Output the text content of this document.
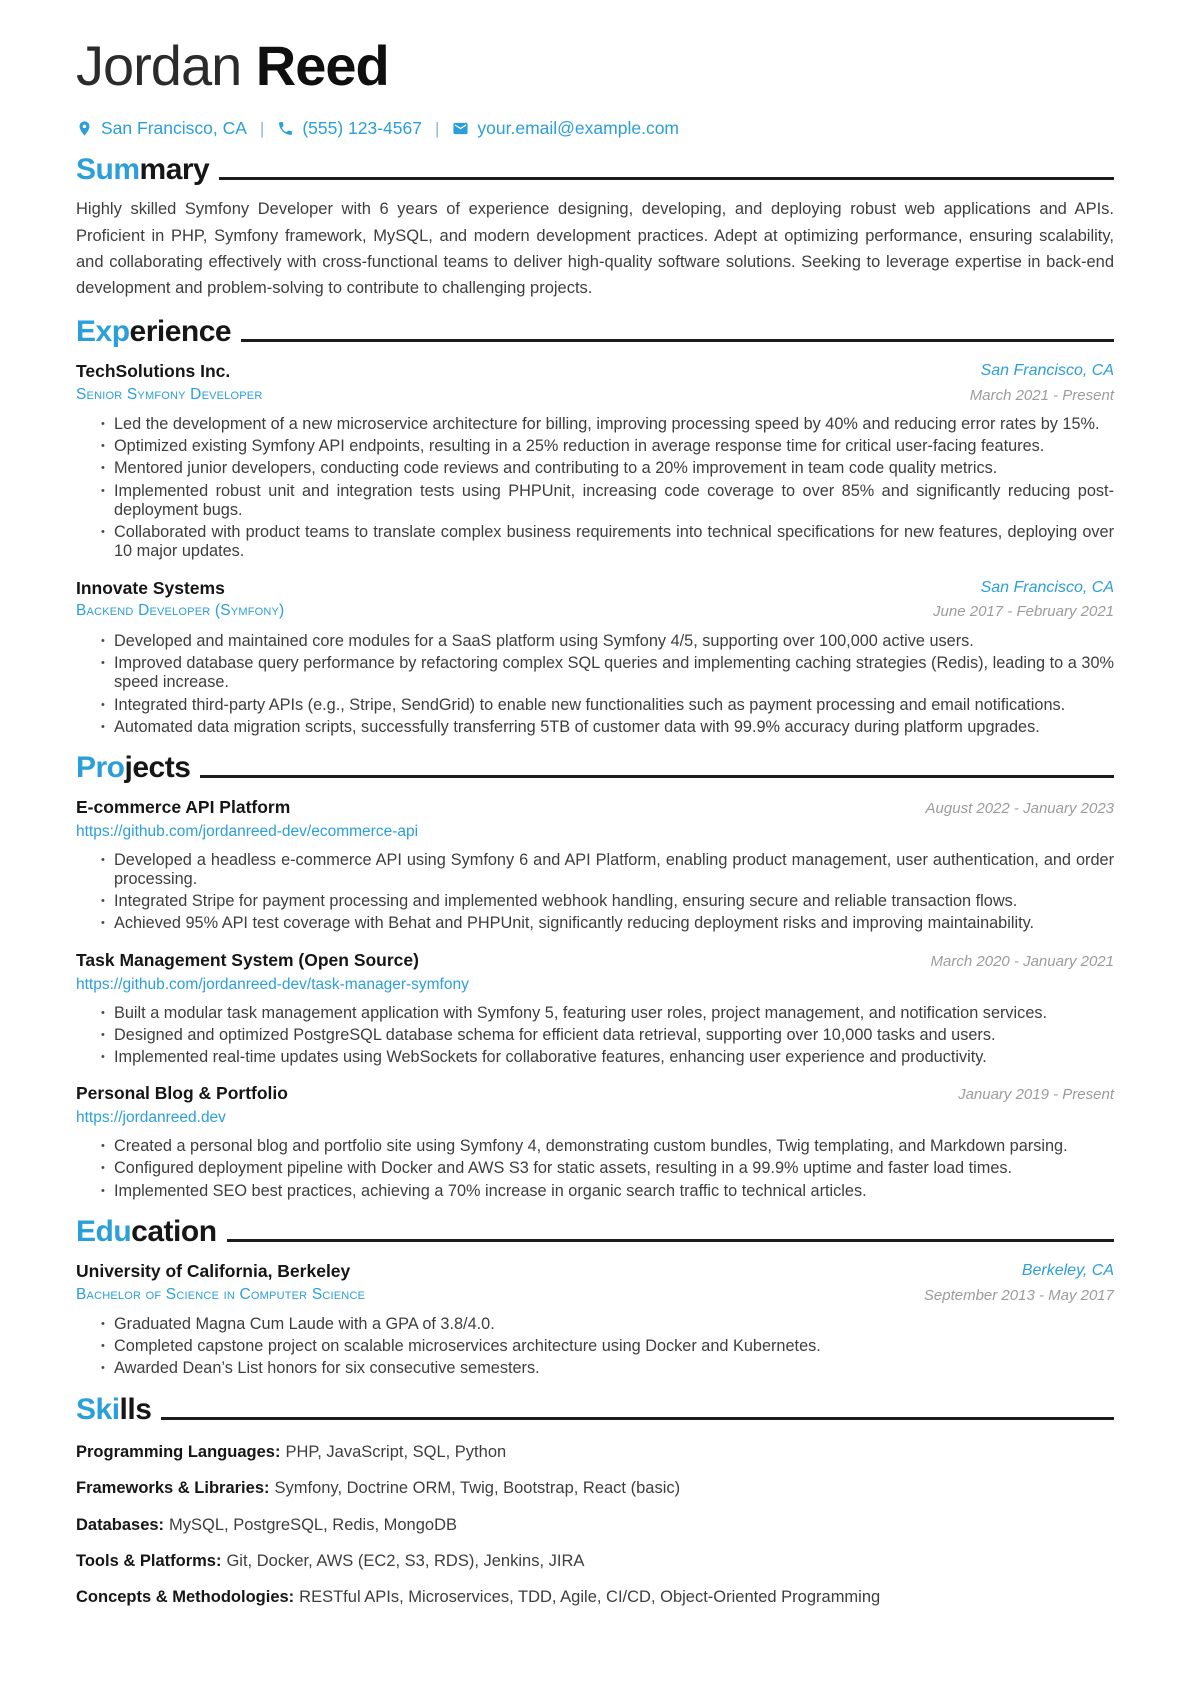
Jordan Reed
San Francisco, CA | (555) 123-4567 | your.email@example.com
Sum mary

Highly skilled Symfony Developer with 6 years of experience designing, developing, and deploying robust web applications and APIs. Proficient in PHP, Symfony framework, MySQL, and modern development practices. Adept at optimizing performance, ensuring scalability, and collaborating effectively with cross-functional teams to deliver high-quality software solutions. Seeking to leverage expertise in back-end development and problem-solving to contribute to challenging projects.

Exp erience
TechSolutions Inc.
Senior Symfony Developer
San Francisco, CA
March 2021 - Present
• Led the development of a new microservice architecture for billing, improving processing speed by 40% and reducing error rates by 15%.
• Optimized existing Symfony API endpoints, resulting in a 25% reduction in average response time for critical user-facing features.
• Mentored junior developers, conducting code reviews and contributing to a 20% improvement in team code quality metrics.
• Implemented robust unit and integration tests using PHPUnit, increasing code coverage to over 85% and significantly reducing post-deployment bugs.
• Collaborated with product teams to translate complex business requirements into technical specifications for new features, deploying over 10 major updates.
Innovate Systems
Backend Developer (Symfony)
San Francisco, CA
June 2017 - February 2021
• Developed and maintained core modules for a SaaS platform using Symfony 4/5, supporting over 100,000 active users.
• Improved database query performance by refactoring complex SQL queries and implementing caching strategies (Redis), leading to a 30% speed increase.
• Integrated third-party APIs (e.g., Stripe, SendGrid) to enable new functionalities such as payment processing and email notifications.
• Automated data migration scripts, successfully transferring 5TB of customer data with 99.9% accuracy during platform upgrades.
Pro jects
E-commerce API Platform
https://github.com/jordanreed-dev/ecommerce-api
August 2022 - January 2023
• Developed a headless e-commerce API using Symfony 6 and API Platform, enabling product management, user authentication, and order processing.
• Integrated Stripe for payment processing and implemented webhook handling, ensuring secure and reliable transaction flows.
• Achieved 95% API test coverage with Behat and PHPUnit, significantly reducing deployment risks and improving maintainability.
Task Management System (Open Source)
https://github.com/jordanreed-dev/task-manager-symfony
March 2020 - January 2021
• Built a modular task management application with Symfony 5, featuring user roles, project management, and notification services.
• Designed and optimized PostgreSQL database schema for efficient data retrieval, supporting over 10,000 tasks and users.
• Implemented real-time updates using WebSockets for collaborative features, enhancing user experience and productivity.
Personal Blog & Portfolio
https://jordanreed.dev
January 2019 - Present
• Created a personal blog and portfolio site using Symfony 4, demonstrating custom bundles, Twig templating, and Markdown parsing.
• Configured deployment pipeline with Docker and AWS S3 for static assets, resulting in a 99.9% uptime and faster load times.
• Implemented SEO best practices, achieving a 70% increase in organic search traffic to technical articles.
Edu cation
University of California, Berkeley
Bachelor of Science in Computer Science
Berkeley, CA
September 2013 - May 2017
• Graduated Magna Cum Laude with a GPA of 3.8/4.0.
• Completed capstone project on scalable microservices architecture using Docker and Kubernetes.
• Awarded Dean’s List honors for six consecutive semesters.
Ski lls
Programming Languages: PHP, JavaScript, SQL, Python
Frameworks & Libraries: Symfony, Doctrine ORM, Twig, Bootstrap, React (basic)
Databases: MySQL, PostgreSQL, Redis, MongoDB
Tools & Platforms: Git, Docker, AWS (EC2, S3, RDS), Jenkins, JIRA
Concepts & Methodologies: RESTful APIs, Microservices, TDD, Agile, CI/CD, Object-Oriented Programming
